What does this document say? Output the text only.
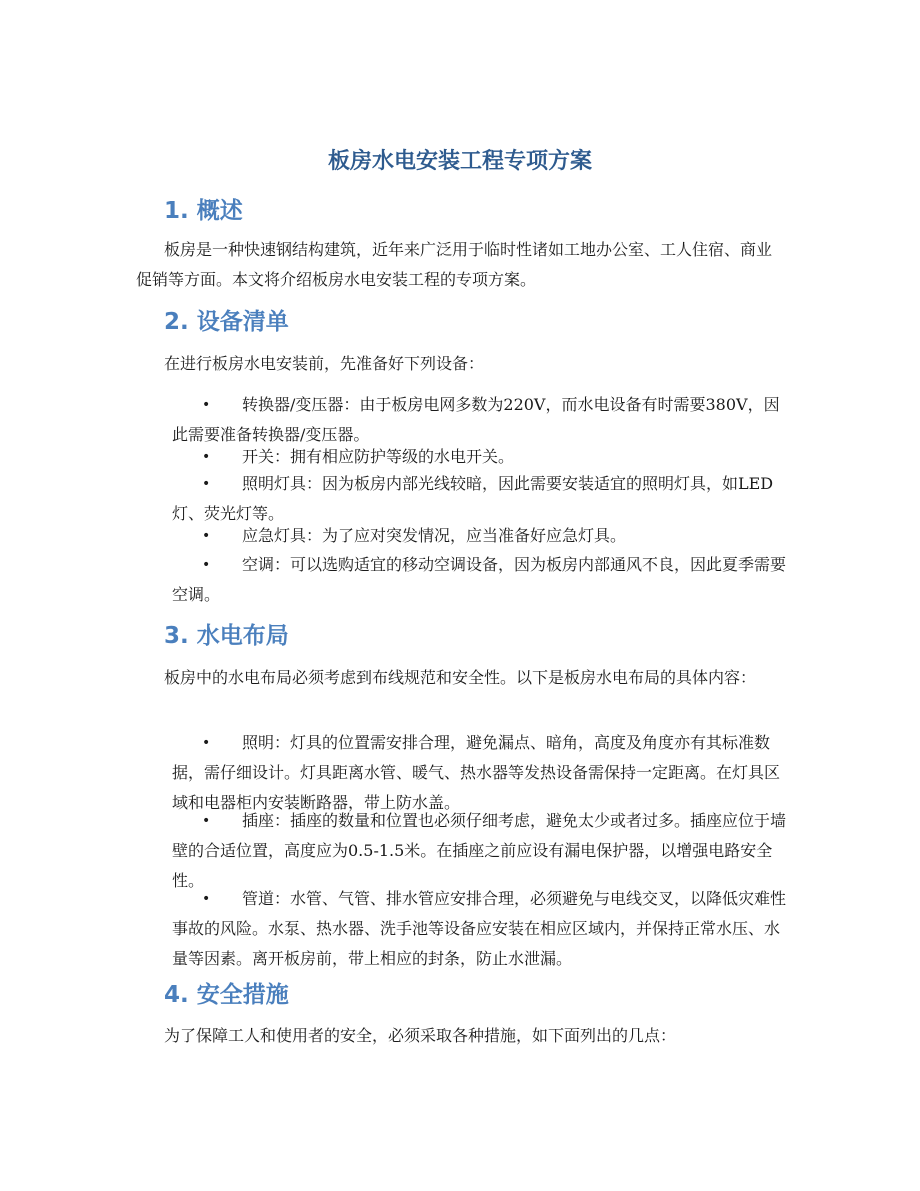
板房水电安装工程专项方案
1. 概述

板房是一种快速钢结构建筑，近年来广泛用于临时性诸如工地办公室、工人住宿、商业促销等方面。本文将介绍板房水电安装工程的专项方案。

2. 设备清单

在进行板房水电安装前，先准备好下列设备：

• 转换器/变压器：由于板房电网多数为220V，而水电设备有时需要380V，因此需要准备转换器/变压器。
• 开关：拥有相应防护等级的水电开关。
• 照明灯具：因为板房内部光线较暗，因此需要安装适宜的照明灯具，如LED灯、荧光灯等。
• 应急灯具：为了应对突发情况，应当准备好应急灯具。
• 空调：可以选购适宜的移动空调设备，因为板房内部通风不良，因此夏季需要空调。
3. 水电布局

板房中的水电布局必须考虑到布线规范和安全性。以下是板房水电布局的具体内容：

• 照明：灯具的位置需安排合理，避免漏点、暗角，高度及角度亦有其标准数据，需仔细设计。灯具距离水管、暖气、热水器等发热设备需保持一定距离。在灯具区域和电器柜内安装断路器，带上防水盖。
• 插座：插座的数量和位置也必须仔细考虑，避免太少或者过多。插座应位于墙壁的合适位置，高度应为0.5-1.5米。在插座之前应设有漏电保护器，以增强电路安全性。
• 管道：水管、气管、排水管应安排合理，必须避免与电线交叉，以降低灾难性事故的风险。水泵、热水器、洗手池等设备应安装在相应区域内，并保持正常水压、水量等因素。离开板房前，带上相应的封条，防止水泄漏。
4. 安全措施

为了保障工人和使用者的安全，必须采取各种措施，如下面列出的几点：
